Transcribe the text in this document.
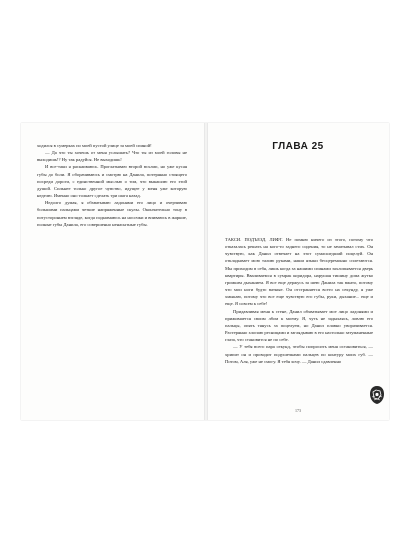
ходился в сумерках по моей пустой улице за моей спиной!

— Да что ты хочешь от меня услышать? Что ты из моей головы не выходишь!? Ну так радуйся. Не выходишь!

И все-таки я раскаиваюсь. Проглатываю второй всхлип, но уже кусая губы до боли. Я оборачиваюсь и смотрю на Данила, потерянно стоящего посреди дороги, с единственной мыслью о том, что выкашлю его этой душой. Сильнее только другое чувство, идущее у меня уже которую неделю. Именно оно толкает сделать три шага назад.

Недолго думая, я обхватываю ладонями его лицо и очерчиваю большими пальцами четкие напряженные скулы. Окончательно тону в потустороннем взгляде, когда поднимаюсь на носочки и впиваюсь в жаркие, полные губы Данила, его совершенно ненасытные губы.

ГЛАВА 25

ТАКСИ. ПОДЪЕЗД. ЛИФТ. Не помню ничего из этого, потому что отказалась решать на кого-то заднего сидения, то не зачитывал стих. Он чувствую, как Данил отвечает на этот сумасшедший поцелуй. Он откладывает мою талию руками, наши языки бесцеремонно сплетаются. Мы приходим в себя, лишь когда за нашими спинами захлопывается дверь квартиры. Вваливаемся в сумрак коридора, нарушая тишину дома жутко громким дыханием. Я все еще держусь за шею Данила так вжато, потому что мои ноги будто ватные. Он отстраняется всего на секунду, я уже хмыкаю, потому что все еще чувствую его губы, руки, дыхание... еще и еще. Я совсем к себе!

Придавливая меня к стене, Данил обхватывает мое лицо ладонями и прижимается своим лбом к моему. Я, чуть не задыхаясь, ловлю его пальцы, опять тянусь за поцелуем, но Данил плавно уворачивается. Растерянно хлопаю ресницами и заглядываю в его настолько затуманенные глаза, что становится не по себе.

— У тебя всего пара секунд, чтобы попросить меня остановиться, — хрипит он и проводит подушечками пальцев по контуру моих губ. — Потом, Аля, уже не смогу. Я тебя хочу. — Данил сдавленно

173
